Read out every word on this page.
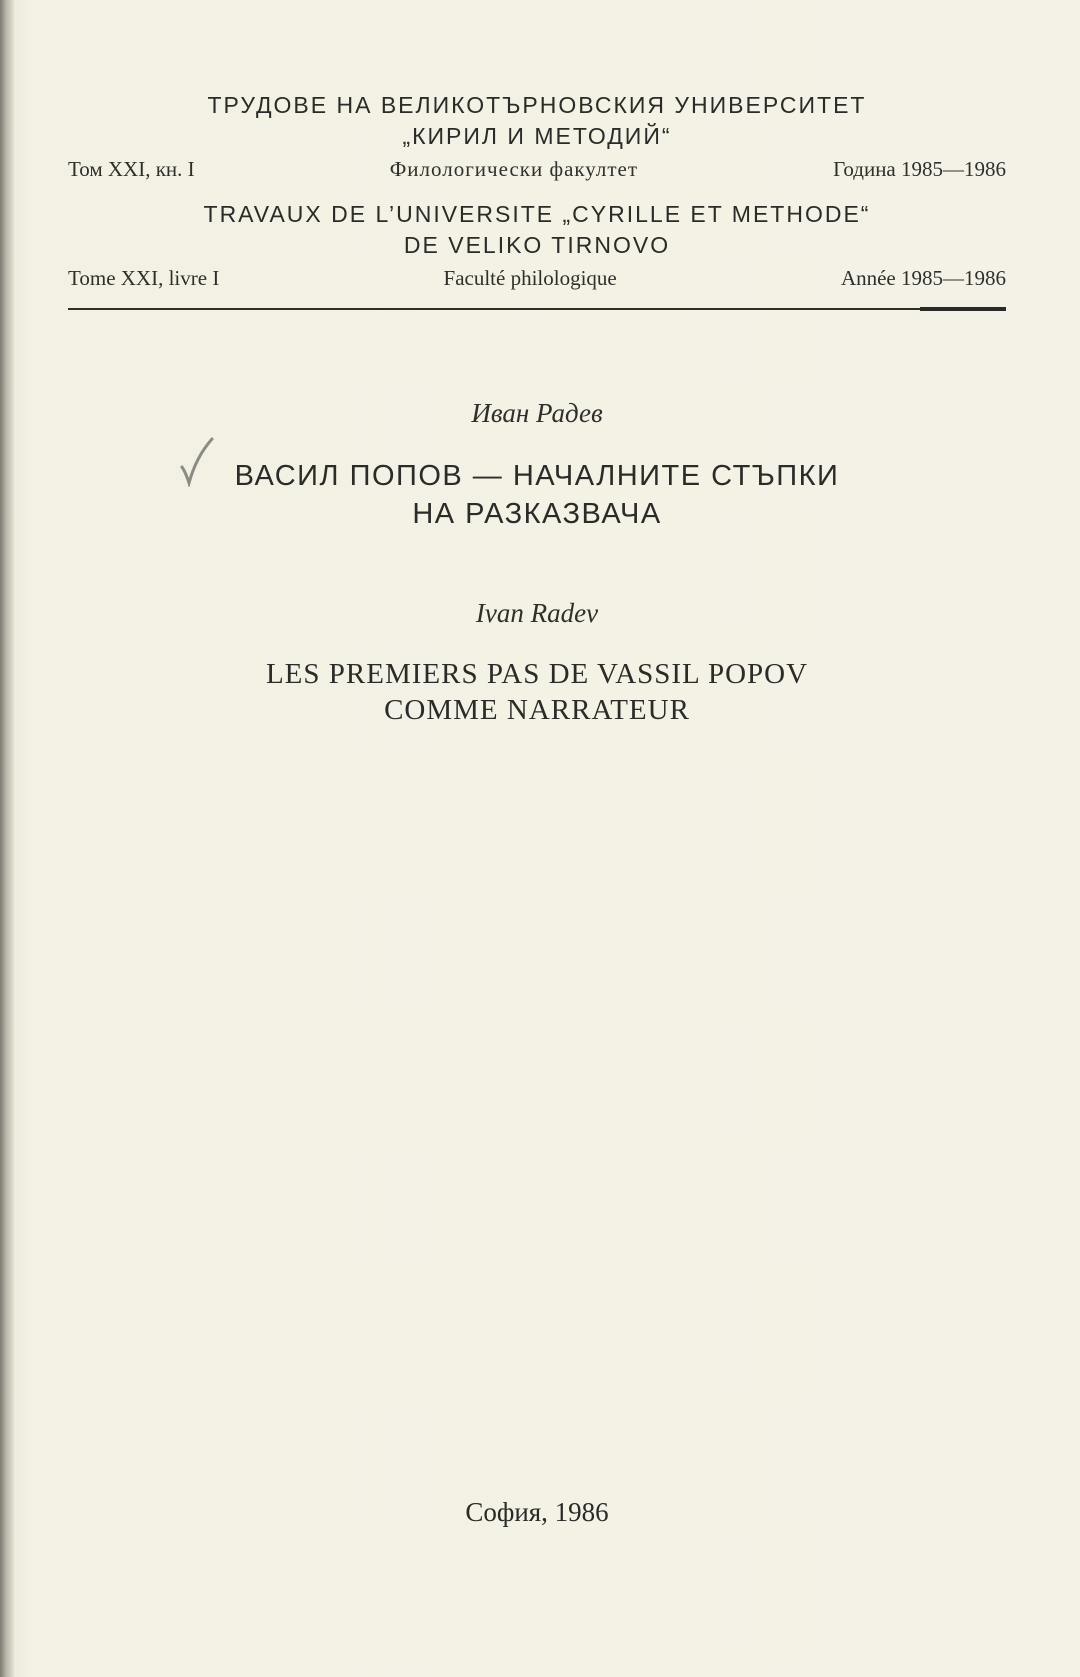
ТРУДОВЕ НА ВЕЛИКОТЪРНОВСКИЯ УНИВЕРСИТЕТ
„КИРИЛ И МЕТОДИЙ“
Том XXI, кн. I	Филологически факултет	Година 1985—1986
TRAVAUX DE L’UNIVERSITE „CYRILLE ET METHODE“
DE VELIKO TIRNOVO
Tome XXI, livre I	Faculté philologique	Année 1985—1986
Иван Радев
ВАСИЛ ПОПОВ — НАЧАЛНИТЕ СТЪПКИ
НА РАЗКАЗВАЧА
Ivan Radev
LES PREMIERS PAS DE VASSIL POPOV
COMME NARRATEUR
София, 1986
